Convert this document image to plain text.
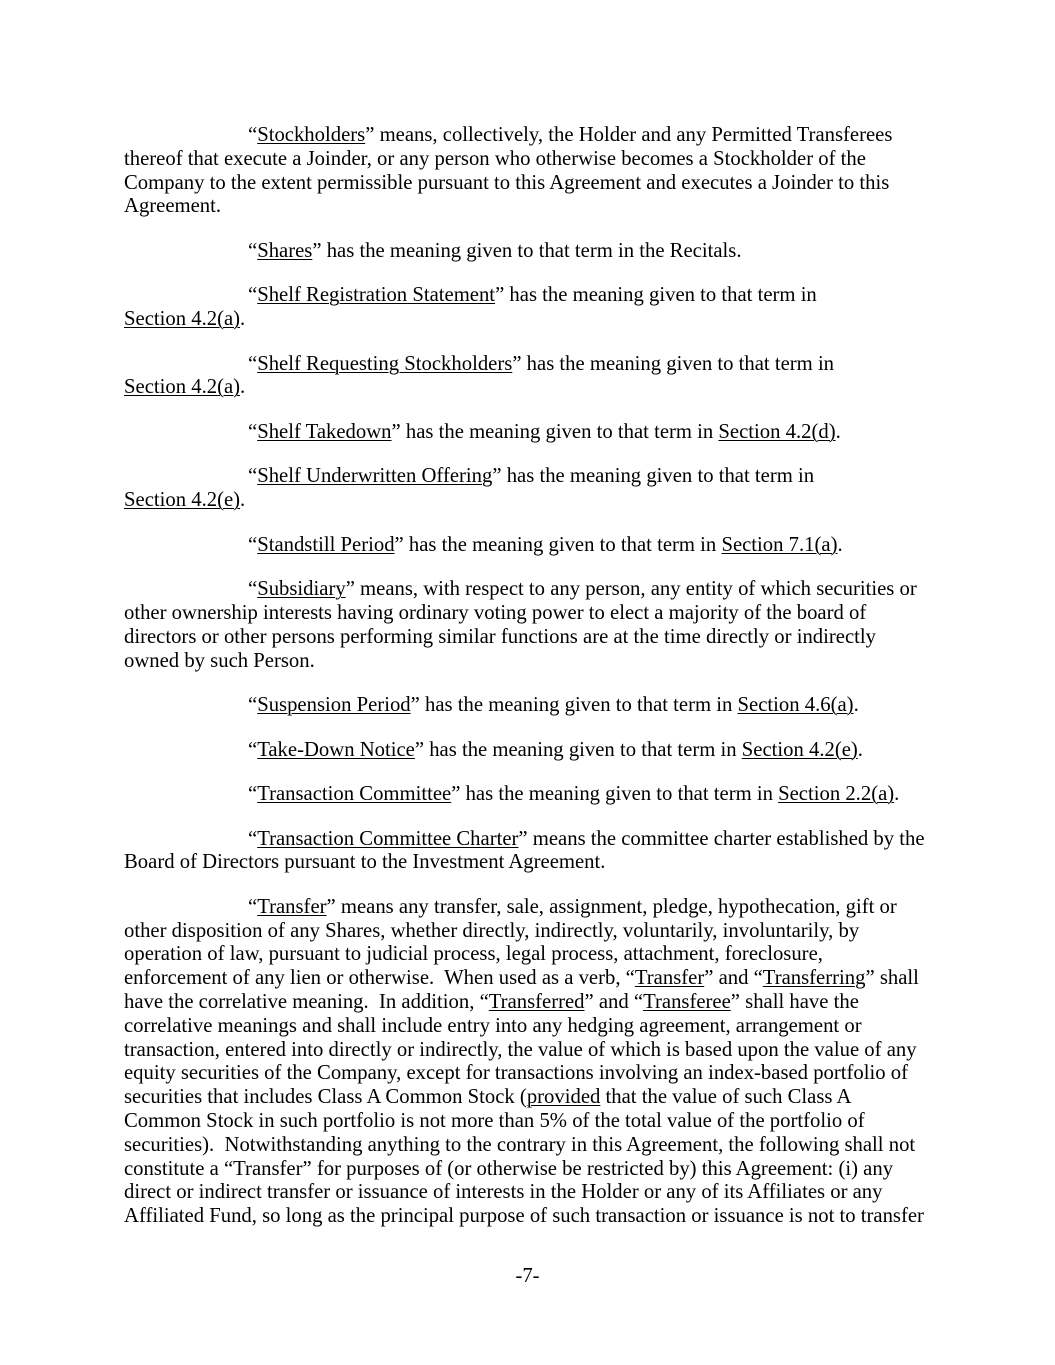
“ Stockholders ” means, collectively, the Holder and any Permitted Transferees
thereof that execute a Joinder, or any person who otherwise becomes a Stockholder of the
Company to the extent permissible pursuant to this Agreement and executes a Joinder to this
Agreement.
“ Shares ” has the meaning given to that term in the Recitals.
“ Shelf Registration Statement ” has the meaning given to that term in
Section 4.2(a) .
“ Shelf Requesting Stockholders ” has the meaning given to that term in
Section 4.2(a) .
“ Shelf Takedown ” has the meaning given to that term in Section 4.2(d) .
“ Shelf Underwritten Offering ” has the meaning given to that term in
Section 4.2(e) .
“ Standstill Period ” has the meaning given to that term in Section 7.1(a) .
“ Subsidiary ” means, with respect to any person, any entity of which securities or
other ownership interests having ordinary voting power to elect a majority of the board of
directors or other persons performing similar functions are at the time directly or indirectly
owned by such Person.
“ Suspension Period ” has the meaning given to that term in Section 4.6(a) .
“ Take-Down Notice ” has the meaning given to that term in Section 4.2(e) .
“ Transaction Committee ” has the meaning given to that term in Section 2.2(a) .
“ Transaction Committee Charter ” means the committee charter established by the
Board of Directors pursuant to the Investment Agreement.
“ Transfer ” means any transfer, sale, assignment, pledge, hypothecation, gift or
other disposition of any Shares, whether directly, indirectly, voluntarily, involuntarily, by
operation of law, pursuant to judicial process, legal process, attachment, foreclosure,
enforcement of any lien or otherwise.  When used as a verb, “ Transfer ” and “ Transferring ” shall
have the correlative meaning.  In addition, “ Transferred ” and “ Transferee ” shall have the
correlative meanings and shall include entry into any hedging agreement, arrangement or
transaction, entered into directly or indirectly, the value of which is based upon the value of any
equity securities of the Company, except for transactions involving an index-based portfolio of
securities that includes Class A Common Stock ( provided that the value of such Class A
Common Stock in such portfolio is not more than 5% of the total value of the portfolio of
securities).  Notwithstanding anything to the contrary in this Agreement, the following shall not
constitute a “Transfer” for purposes of (or otherwise be restricted by) this Agreement: (i) any
direct or indirect transfer or issuance of interests in the Holder or any of its Affiliates or any
Affiliated Fund, so long as the principal purpose of such transaction or issuance is not to transfer
-7-
